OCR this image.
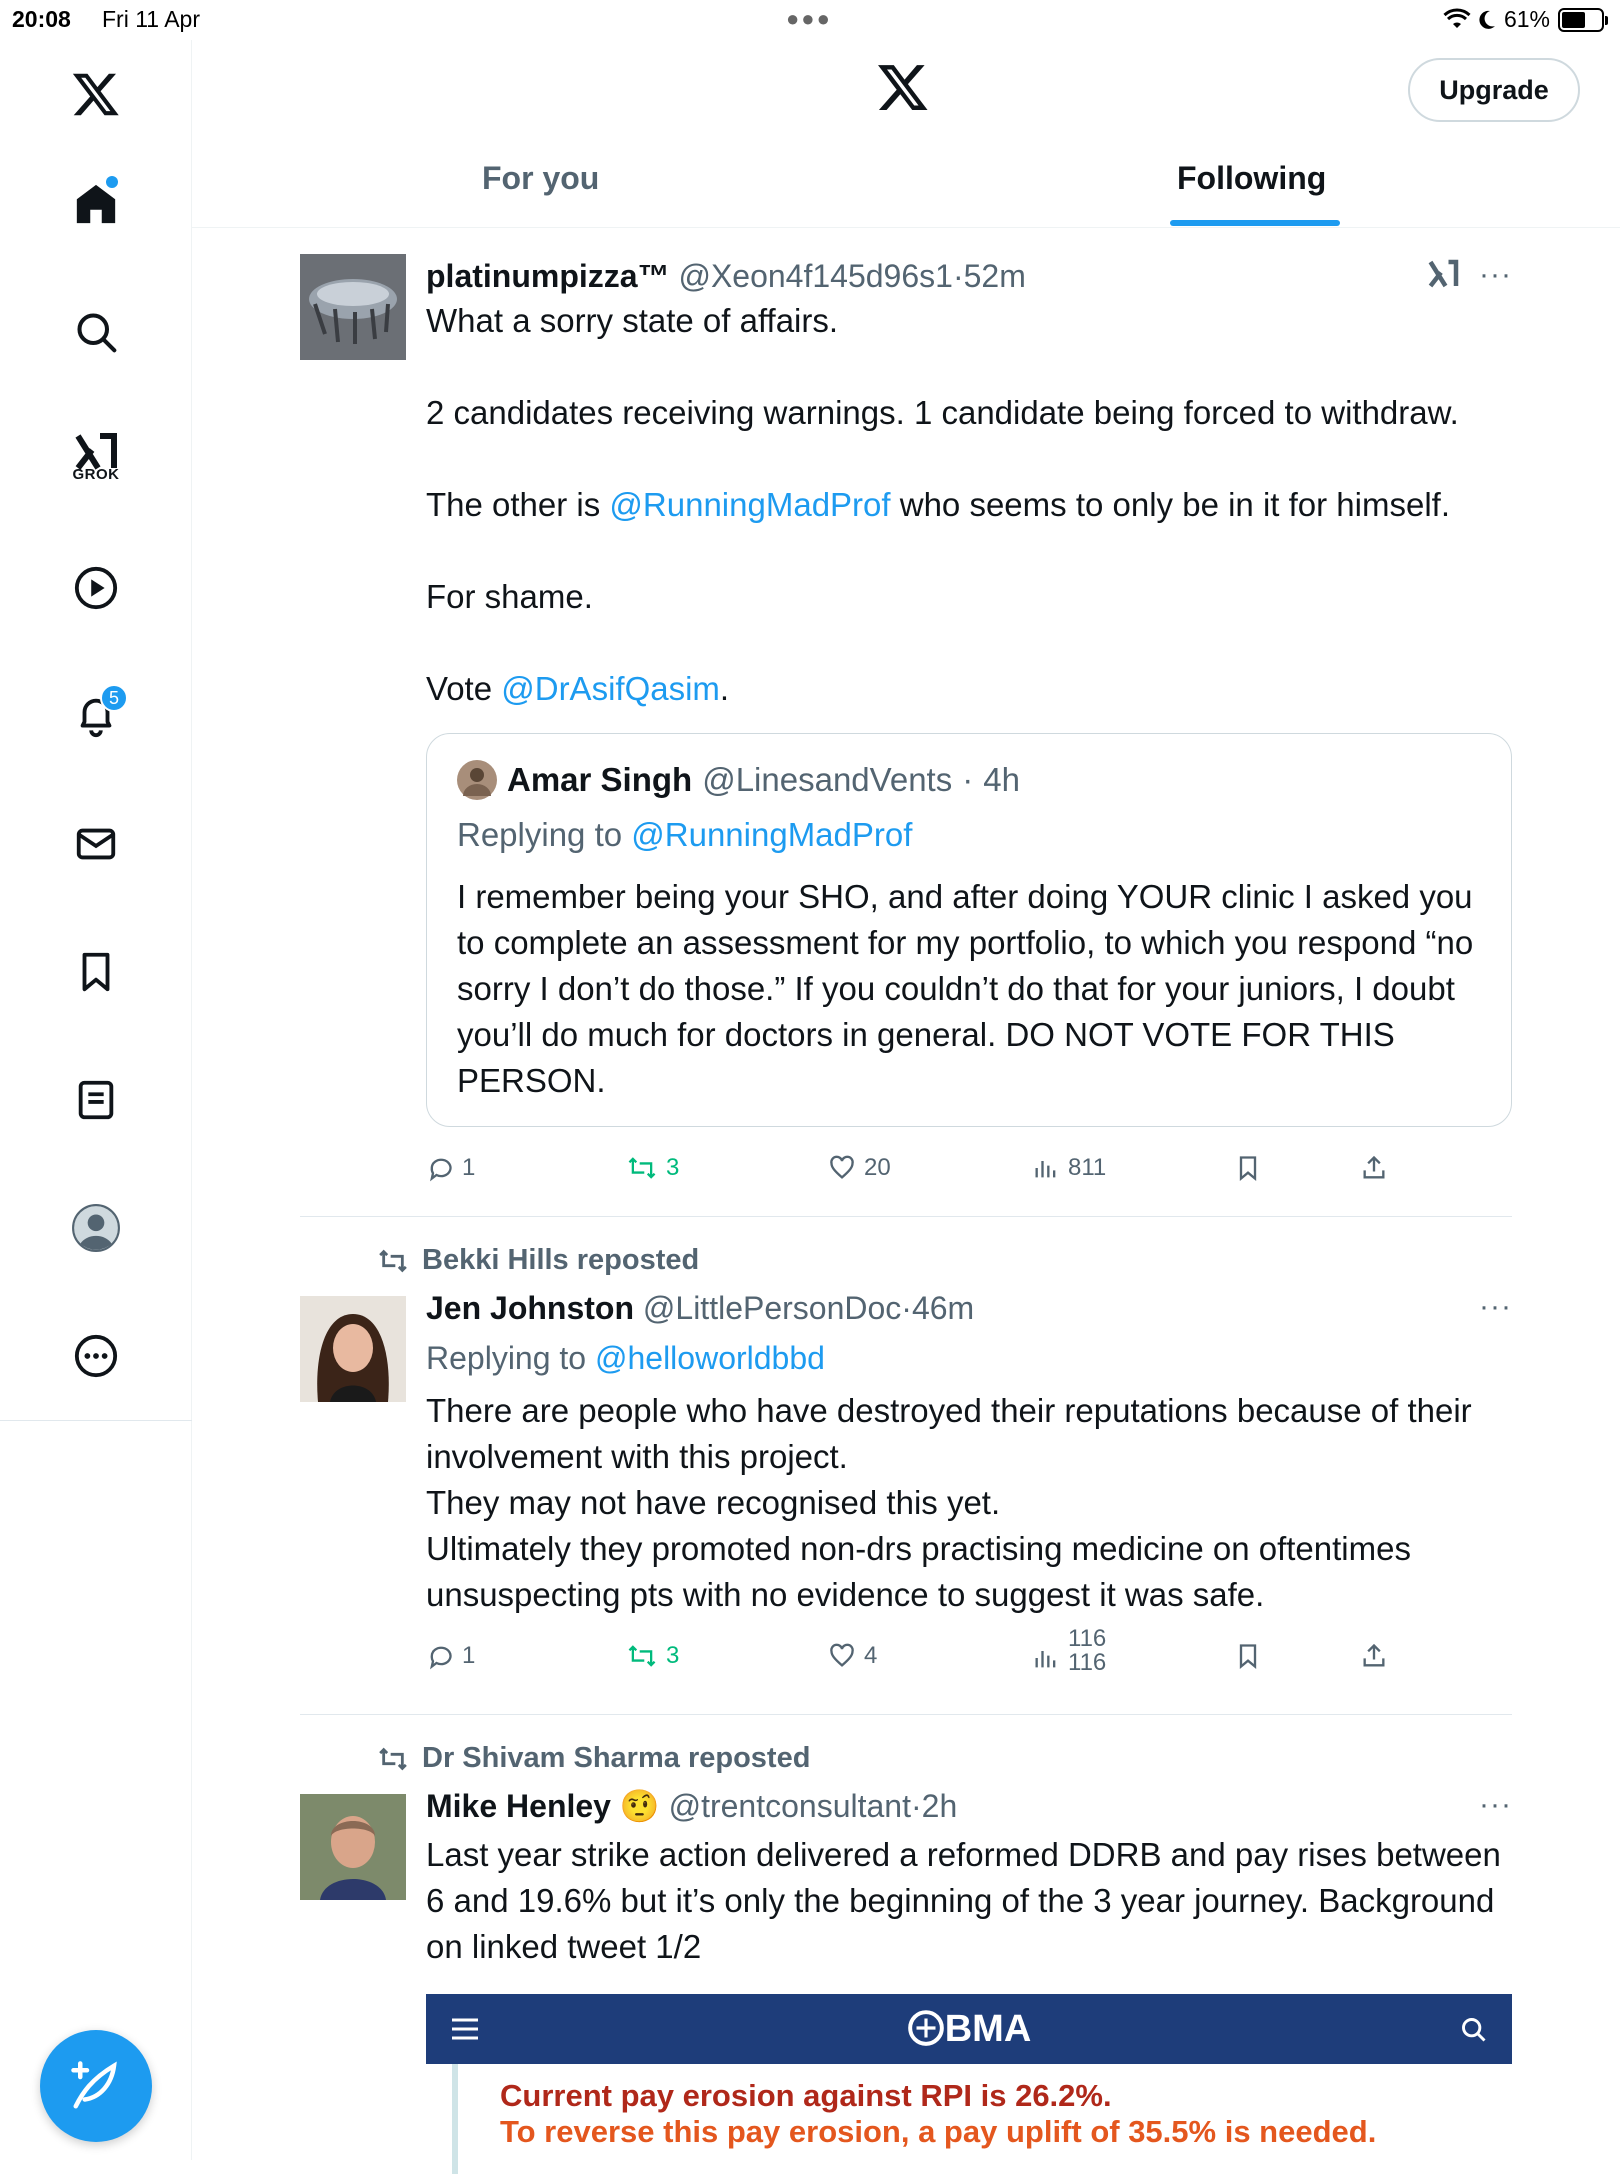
20:08 Fri 11 Apr	●●●	61%
GROK
5
Upgrade
For you	Following
platinumpizza™ @Xeon4f145d96s1·52m	···
What a sorry state of affairs.
2 candidates receiving warnings. 1 candidate being forced to withdraw.
The other is @RunningMadProf who seems to only be in it for himself.
For shame.
Vote @DrAsifQasim.
Amar Singh @LinesandVents · 4h
Replying to @RunningMadProf
I remember being your SHO, and after doing YOUR clinic I asked you to complete an assessment for my portfolio, to which you respond “no sorry I don’t do those.” If you couldn’t do that for your juniors, I doubt you’ll do much for doctors in general. DO NOT VOTE FOR THIS PERSON.
1	3	20	811
Bekki Hills reposted
Jen Johnston @LittlePersonDoc·46m	···
Replying to @helloworldbbd
There are people who have destroyed their reputations because of their involvement with this project.
They may not have recognised this yet.
Ultimately they promoted non-drs practising medicine on oftentimes unsuspecting pts with no evidence to suggest it was safe.
1	3	4
116
116
Dr Shivam Sharma reposted
Mike Henley 🤨 @trentconsultant·2h	···
Last year strike action delivered a reformed DDRB and pay rises between 6 and 19.6% but it’s only the beginning of the 3 year journey. Background on linked tweet 1/2
BMA
Current pay erosion against RPI is 26.2%.
To reverse this pay erosion, a pay uplift of 35.5% is needed.
